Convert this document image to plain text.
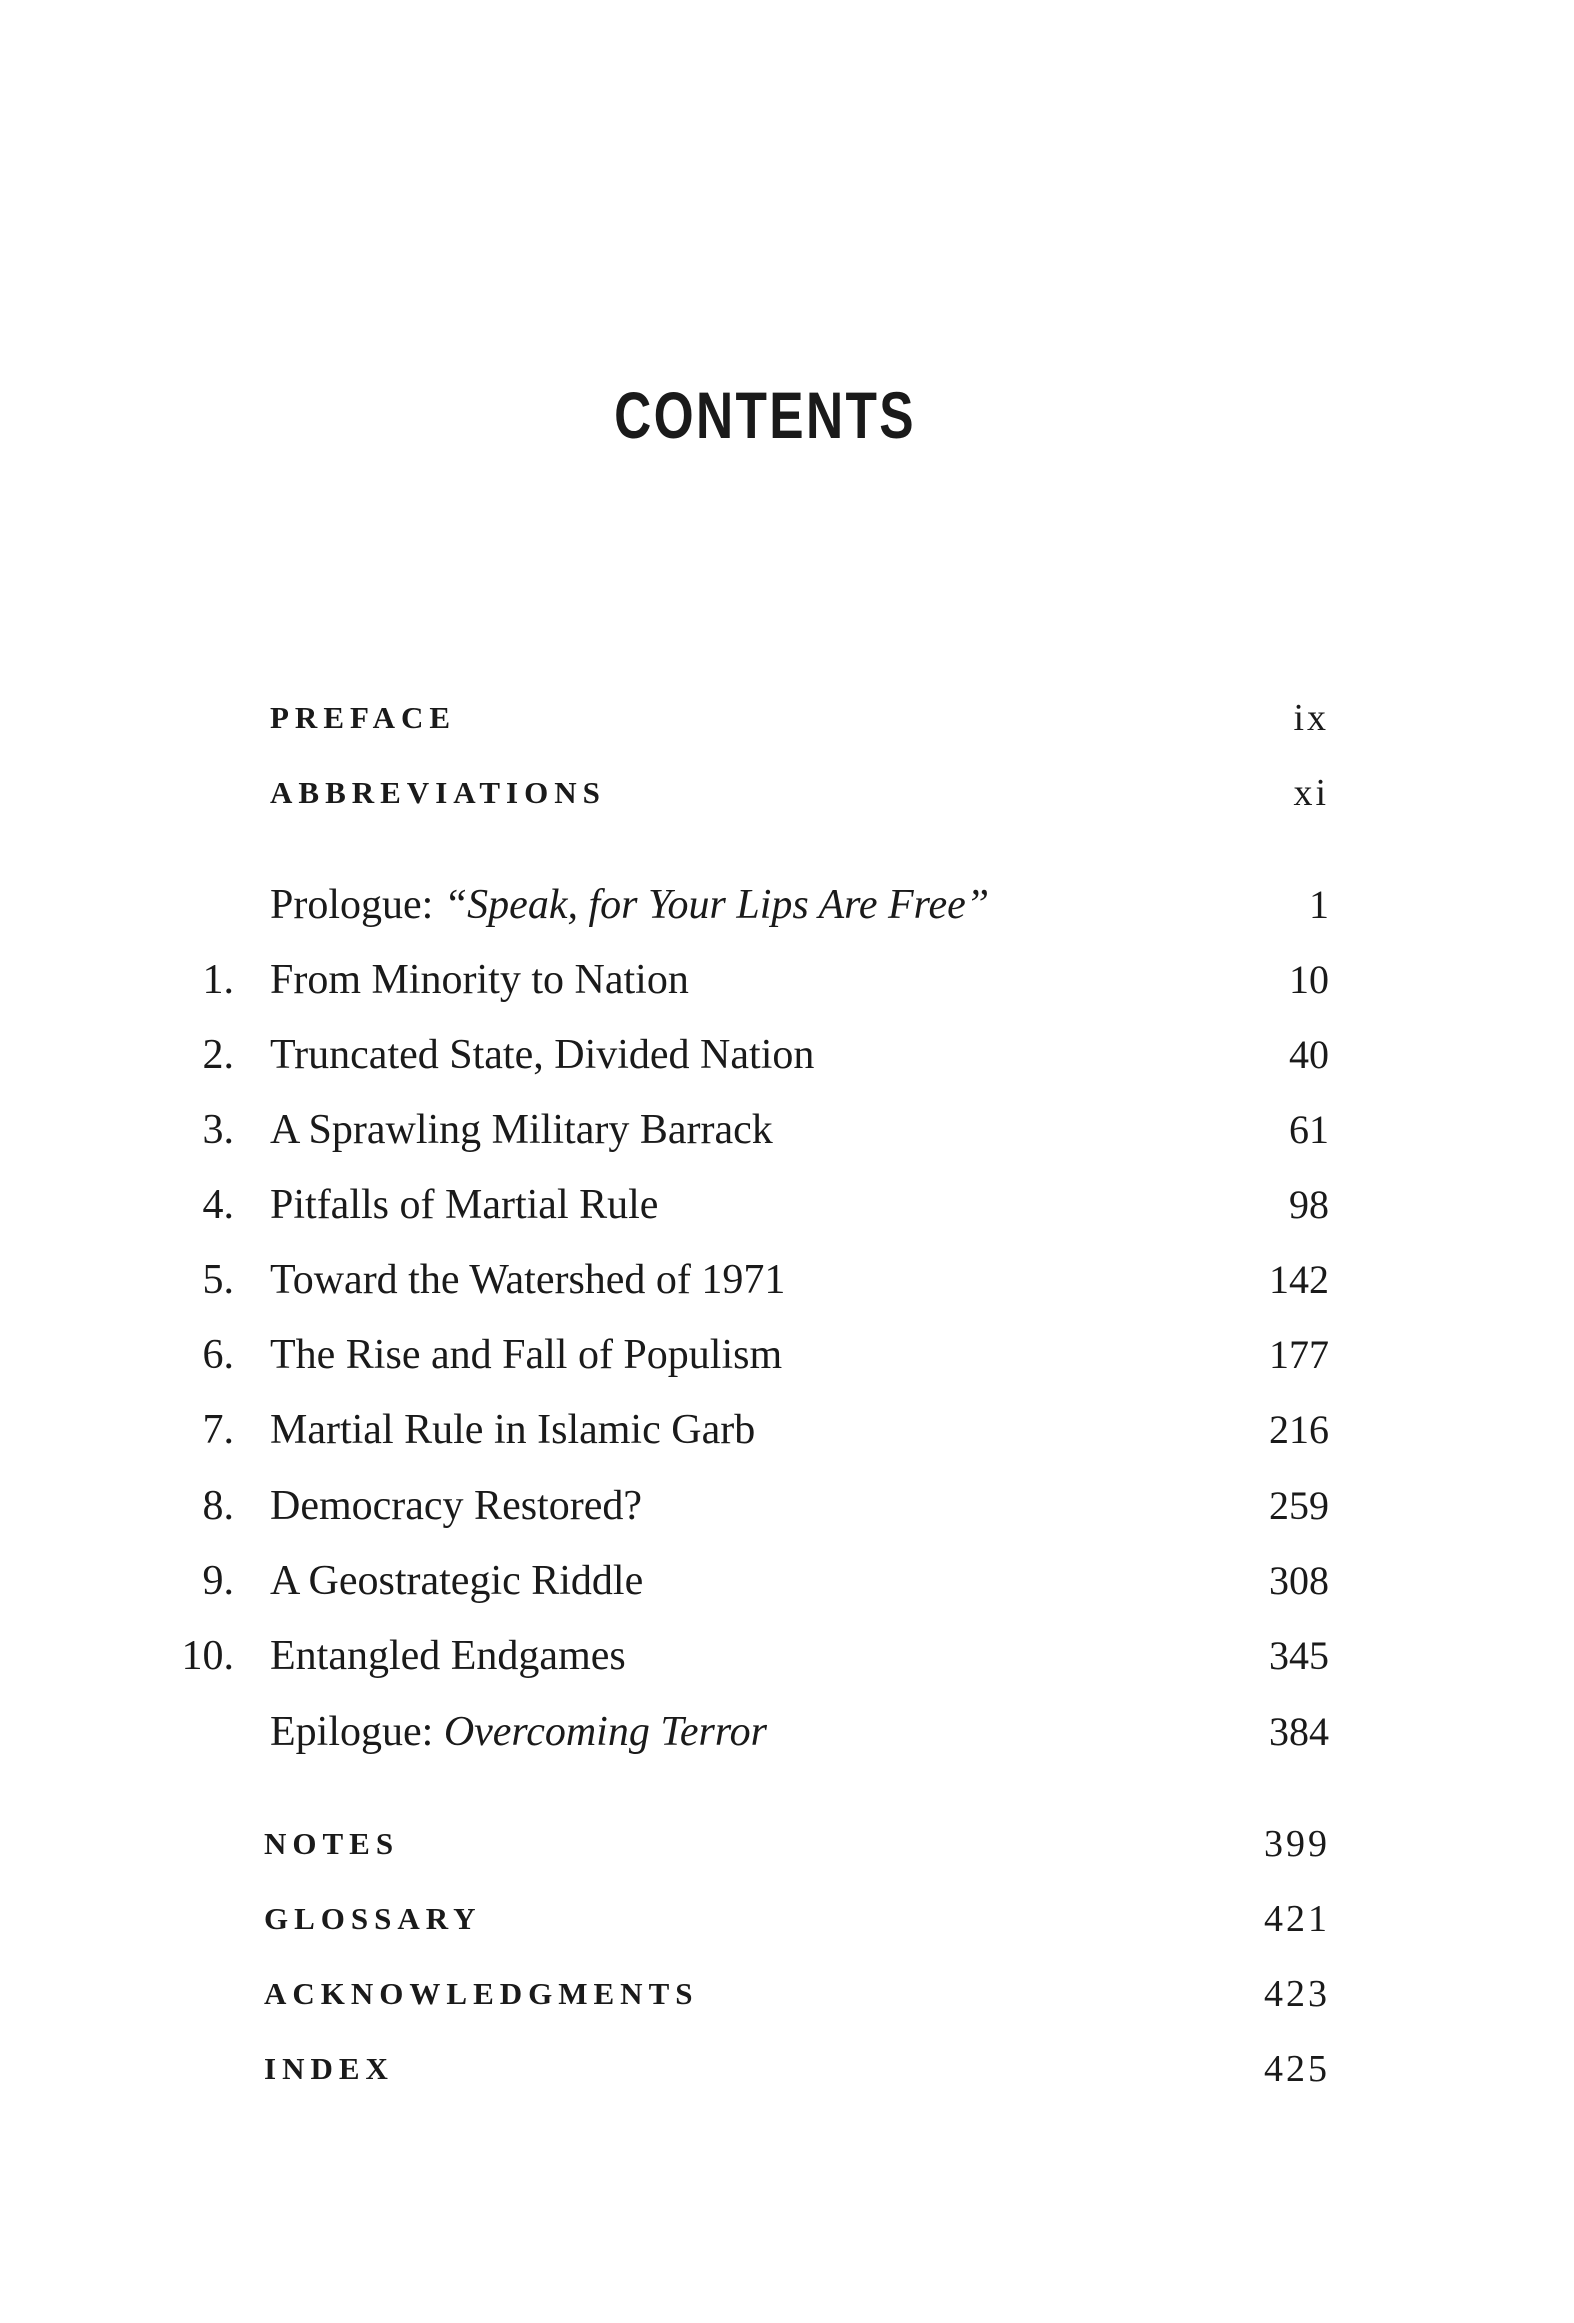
CONTENTS
PREFACE	ix
ABBREVIATIONS	xi
Prologue: “Speak, for Your Lips Are Free”	1
1. From Minority to Nation	10
2. Truncated State, Divided Nation	40
3. A Sprawling Military Barrack	61
4. Pitfalls of Martial Rule	98
5. Toward the Watershed of 1971	142
6. The Rise and Fall of Populism	177
7. Martial Rule in Islamic Garb	216
8. Democracy Restored?	259
9. A Geostrategic Riddle	308
10. Entangled Endgames	345
Epilogue: Overcoming Terror	384
NOTES	399
GLOSSARY	421
ACKNOWLEDGMENTS	423
INDEX	425
